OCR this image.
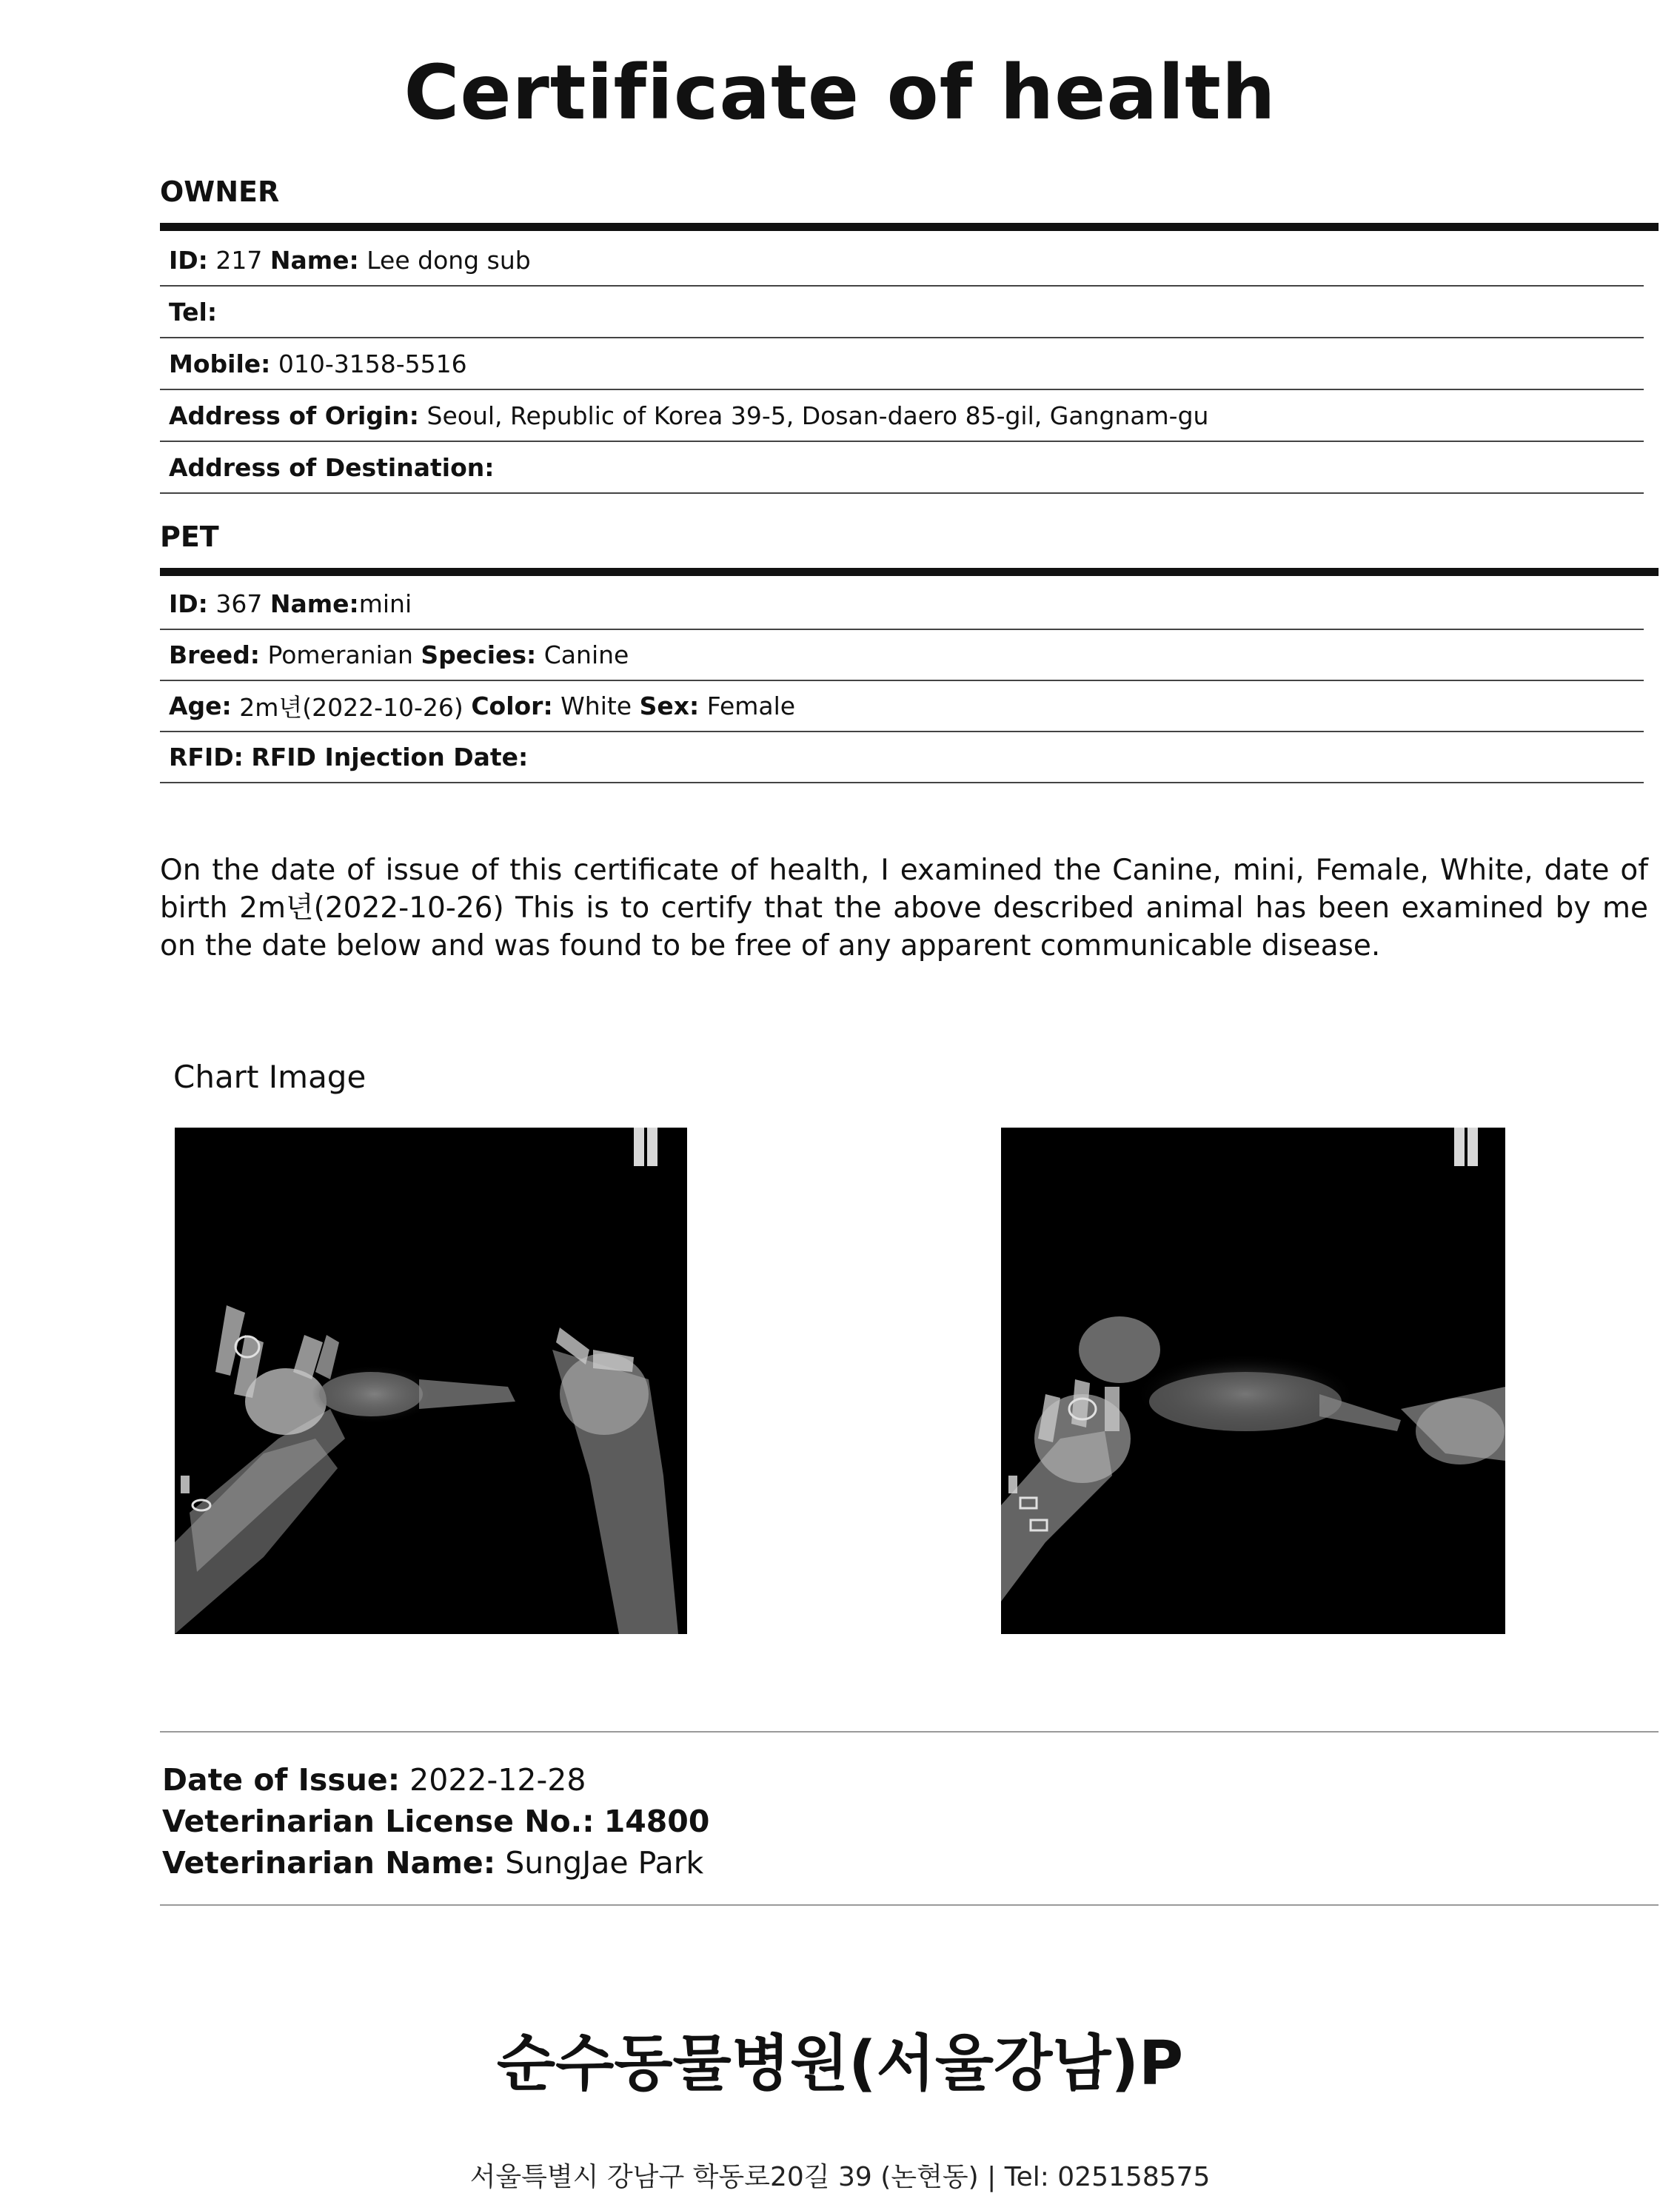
Certificate of health
OWNER
ID:
217
Name:
Lee dong sub
Tel:

Mobile:
010-3158-5516
Address of Origin:
Seoul, Republic of Korea 39-5, Dosan-daero 85-gil, Gangnam-gu
Address of Destination:

PET
ID:
367
Name: mini
Breed:
Pomeranian
Species:
Canine
Age:
2m년(2022-10-26)
Color:
White
Sex:
Female
RFID:
RFID Injection Date:
On the date of issue of this certificate of health, I examined the Canine, mini, Female, White, date of birth 2m년(2022-10-26) This is to certify that the above described animal has been examined by me on the date below and was found to be free of any apparent communicable disease.
Chart Image
Date of Issue: 2022-12-28
Veterinarian License No.: 14800
Veterinarian Name: SungJae Park
순수동물병원(서울강남)P
서울특별시 강남구 학동로20길 39 (논현동) | Tel: 025158575
